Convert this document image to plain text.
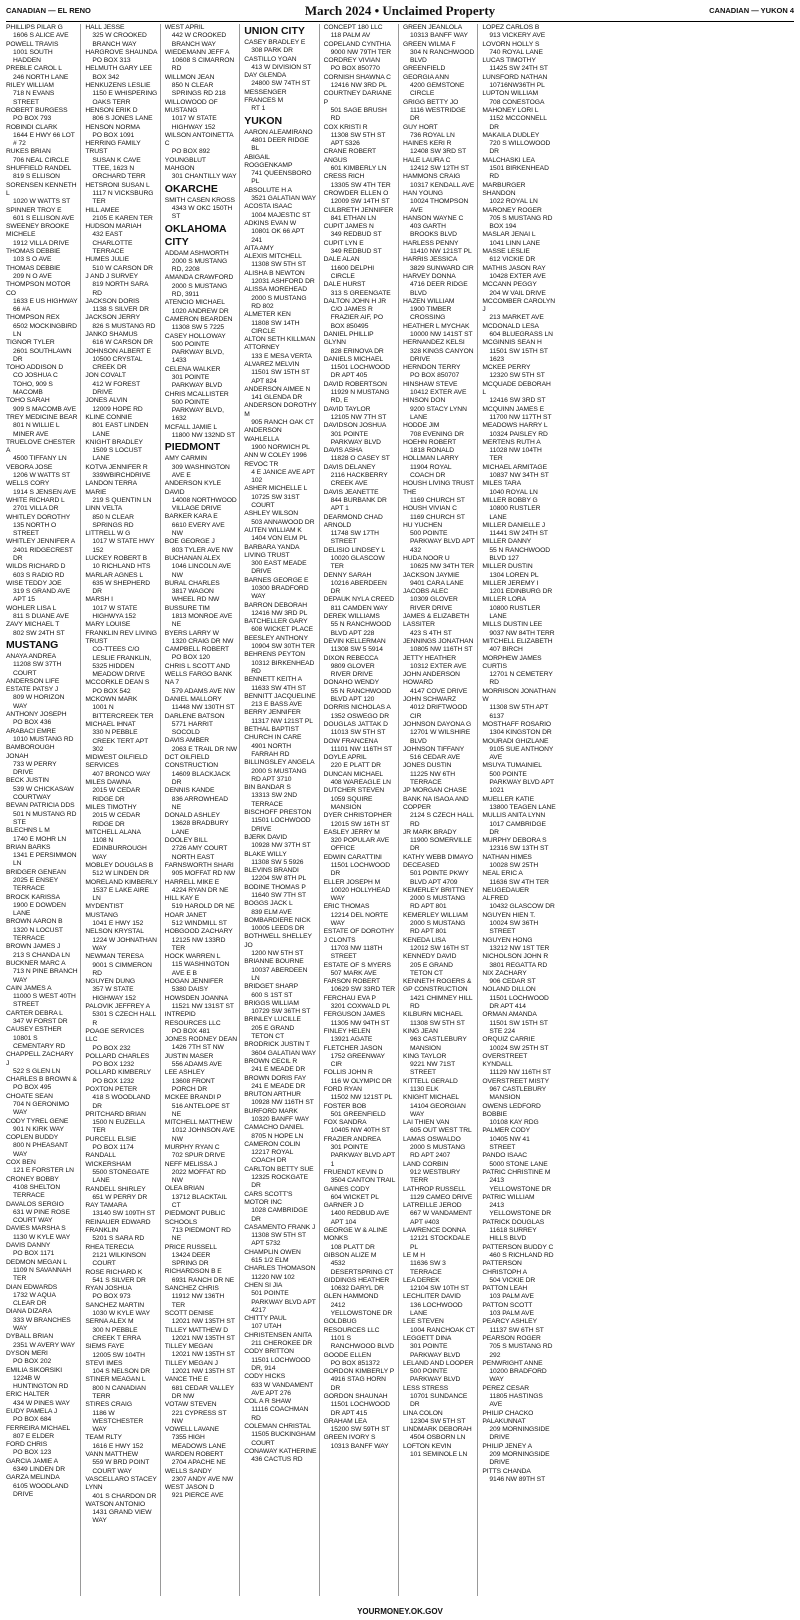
CANADIAN — EL RENO	March 2024 • Unclaimed Property	CANADIAN — YUKON 4
PHILLIPS PILAR G
1606 S ALICE AVE
POWELL TRAVIS
1001 SOUTH HADDEN
PREBLE CAROL L
246 NORTH LANE
RILEY WILLIAM
718 N EVANS STREET
ROBERT BURGESS
PO BOX 793
ROBINDI CLARK
1644 E HWY 66 LOT # 72
RUKES BRIAN
706 NEAL CIRCLE
SHUFFIELD RANDEL
819 S ELLISON
SORENSEN KENNETH L
1020 W WATTS ST
SPINNER TROY E
601 S ELLISON AVE
SWEENEY BROOKE MICHELE
1912 VILLA DRIVE
THOMAS DEBBIE
103 S O AVE
THOMAS DEBBIE
209 N O AVE
THOMPSON MOTOR CO
1633 E US HIGHWAY 66 #A
THOMPSON REX
6502 MOCKINGBIRD LN
TIGNOR TYLER
2601 SOUTHLAWN DR
TOHO ADDISON D
CO JOSHUA C TOHO, 909 S MACOMB
TOHO SARAH
909 S MACOMB AVE
TREY MEDICINE BEAR
801 N WILLIE L MINER AVE
TRUELOVE CHESTER A
4500 TIFFANY LN
VEBORA JOSE
1206 W WATTS ST
WELLS CORY
1914 S JENSEN AVE
WHITE RICHARD L
2701 VILLA DR
WHITLEY DOROTHY
135 NORTH O STREET
WHITLEY JENNIFER A
2401 RIDGECREST DR
WILDS RICHARD D
603 S RADIO RD
WISE TEDDY JOE
319 S GRAND AVE APT 15
WOHLER LISA L
811 S DUANE AVE
ZAVY MICHAEL T
802 SW 24TH ST
MUSTANG
ANAYA ANDREA
11208 SW 37TH COURT
ANDERSON LIFE ESTATE PATSY J
809 W HORIZON WAY
ANTHONY JOSEPH
PO BOX 436
ARABACI EMRE
1010 MUSTANG RD
BAMBOROUGH JONAH
733 W PERRY DRIVE
BECK JUSTIN
539 W CHICKASAW COURTWAY
BEVAN PATRICIA DDS
501 N MUSTANG RD STE
BLECHNS L M
1740 E MOHR LN
BRIAN BARKS
1341 E PERSIMMON LN
BRIDGER GENEAN
2025 E ENSEY TERRACE
BROCK KARISSA
1900 E DOWDEN LANE
BROWN AARON B
1320 N LOCUST TERRACE
BROWN JAMES J
213 S CHANDA LN
BUCKNER MARC A
713 N PINE BRANCH WAY
CAIN JAMES A
11000 S WEST 40TH STREET
CARTER DEBRA L
347 W FORST DR
CAUSEY ESTHER
10801 S CEMENTARY RD
CHAPPELL ZACHARY J
522 S GLEN LN
CHARLES B BROWN &
PO BOX 495
CHOATE SEAN
704 N GERONIMO WAY
CODY TYREL GENE
901 N KIRK WAY
COPLEN BUDDY
800 N PHEASANT WAY
COX BEN
121 E FORSTER LN
CRONEY BOBBY
4108 SHELTON TERRACE
DAVALOS SERGIO
631 W PINE ROSE COURT WAY
DAVIES MARSHA S
1130 W KYLE WAY
DAVIS DANNY
PO BOX 1171
DEDMON MEGAN L
1109 N SAVANNAH TER
DIAN EDWARDS
1732 W AQUA CLEAR DR
DIANA DIZARA
333 W BRANCHES WAY
DYBALL BRIAN
2351 W AVERY WAY
DYSON MERI
PO BOX 202
EMILIA SIKORSIKI
1224B W HUNTINGTON RD
ERIC HALTER
434 W PINES WAY
EUDY PAMELA J
PO BOX 684
FERREIRA MICHAEL
807 E ELDER
FORD CHRIS
PO BOX 123
GARCIA JAMIE A
6349 LINDEN DR
GARZA MELINDA
6105 WOODLAND DRIVE
HALL JESSE
325 W CROOKED BRANCH WAY
HARGROVE SHAUNDA
PO BOX 313
HELMUTH GARY LEE
BOX 342
HENKUZENS LESLIE
1150 E WHISPERING OAKS TERR
HENSON ERIK D
806 S JONES LANE
HENSON NORMA
PO BOX 1091
HERRING FAMILY TRUST
SUSAN K CAVE TTEE, 1623 N ORCHARD TERR
HETSRONI SUSAN L
1117 N VICKSBURG TER
HILL AMEE
2105 E KAREN TER
HUDSON MARIAH
432 EAST CHARLOTTE TERRACE
HUMES JULIE
510 W CARSON DR
J AND J SURVEY
819 NORTH SARA RD
JACKSON DORIS
1138 S SILVER DR
JACKSON JERRY
826 S MUSTANG RD
JANKO SHAMUS
616 W CARSON DR
JOHNSON ALBERT E
10500 CRYSTAL CREEK DR
JON COVALT
412 W FOREST DRIVE
JONES ALVIN
12009 HOPE RD
KLINE CONNIE
801 EAST LINDEN LANE
KNIGHT BRADLEY
1509 S LOCUST LANE
KOTVA JENNIFER R
339WBIRCHDRIVE
LANDON TERRA MARIE
219 S QUENTIN LN
LINN VELTA
850 N CLEAR SPRINGS RD
LITTRELL W G
1017 W STATE HWY 152
LUCKEY ROBERT B
10 RICHLAND HTS
MARLAR AGNES L
635 W SHEPHERD DR
MARSH I
1017 W STATE HIGHWYA 152
MARY LOUISE FRANKLIN REV LIVING TRUST
CO-TTEES C/O LESLIE FRANKLIN, 5325 HIDDEN MEADOW DRIVE
MCCORKLE DEAN S
PO BOX 542
MCKOWN MARK
1001 N BITTERCREEK TER
MICHAEL IHNAT
330 N PEBBLE CREEK TERT APT 302
MIDWEST OILFIELD SERVICES
407 BRONCO WAY
MILES DAWNA
2015 W CEDAR RIDGE DR
MILES TIMOTHY
2015 W CEDAR RIDGE DR
MITCHELL ALANA
1108 N EDINBURROUGH WAY
MOBLEY DOUGLAS B
512 W LINDEN DR
MORELAND KIMBERLY
1537 E LAKE AIRE LN
MYDENTIST MUSTANG
1041 E HWY 152
NELSON KRYSTAL
1224 W JOHNATHAN WAY
NEWMAN TERESA
9001 S CIMMERON RD
NGUYEN DUNG
357 W STATE HIGHWAY 152
PALOVIK JEFFREY A
5301 S CZECH HALL R
POAGE SERVICES LLC
PO BOX 232
POLLARD CHARLES
PO BOX 1232
POLLARD KIMBERLY
PO BOX 1232
POXTON PETER
418 S WOODLAND DR
PRITCHARD BRIAN
1500 N EUZELLA TER
PURCELL ELSIE
PO BOX 1174
RANDALL WICKERSHAM
5500 STONEGATE LANE
RANDELL SHIRLEY
651 W PERRY DR
RAY TAMARA
13140 SW 109TH ST
REINAUER EDWARD FRANKLIN
5201 S SARA RD
RHEA TERECIA
2121 WILKINSON COURT
ROSE RICHARD K
541 S SILVER DR
RYAN JOSHUA
PO BOX 973
SANCHEZ MARTIN
1030 W KYLE WAY
SERNA ALEX M
300 N PEBBLE CREEK T ERRA
SIEMS FAYE
12005 SW 104TH
STEVI IMES
104 S NELSON DR
STINER MEAGAN L
800 N CANADIAN TERR
STIRES CRAIG
1186 W WESTCHESTER WAY
TEAM RLTY
1616 E HWY 152
VANN MATTHEW
559 W BRD POINT COURT WAY
VASCELLARO STACEY LYNN
401 S CHARDON DR
WATSON ANTONIO
1431 GRAND VIEW WAY
WEST APRIL
442 W CROOKED BRANCH WAY
WIEDEMANN JEFF A
10608 S CIMARRON RD
WILLMON JEAN
850 N CLEAR SPRINGS RD 218
WILLOWOOD OF MUSTANG
1017 W STATE HIGHWAY 152
WILSON ANTOINETTA C
PO BOX 892
YOUNGBLUT MAHGON
301 CHANTILLY WAY
OKARCHE
SMITH CASEN KROSS
4343 W OKC 150TH ST
OKLAHOMA CITY
ADDAM ASHWORTH
2000 S MUSTANG RD, 2208
AMANDA CRAWFORD
2000 S MUSTANG RD, 3911
ATENCIO MICHAEL
1020 ANDREW DR
CAMERON BEARDEN
11308 SW 5 7225
CASEY HOLLOWAY
500 POINTE PARKWAY BLVD, 1433
CELENA WALKER
301 POINTE PARKWAY BLVD
CHRIS MCALLISTER
500 POINTE PARKWAY BLVD, 1632
MCFALL JAMIE L
11800 NW 132ND ST
PIEDMONT
AMY CARMIN
309 WASHINGTON AVE E
ANDERSON KYLE DAVID
14008 NORTHWOOD VILLAGE DRIVE
BARKER KARA E
6610 EVERY AVE NW
BOE GEORGE J
803 TYLER AVE NW
BUCHANAN ALEX
1046 LINCOLN AVE NW
BURAL CHARLES
3817 WAGON WHEEL RD NW
BUSSURE TIM
1813 MONROE AVE NE
BYERS LARRY W
1320 CRAIG DR NW
CAMPBELL ROBERT
PO BOX 120
CHRIS L SCOTT AND WELLS FARGO BANK NA 7
579 ADAMS AVE NW
DANIEL MALLORY
11448 NW 130TH ST
DARLENE BATSON
5771 HARRIT SOCOLD
DAVIS AMBER
2063 E TRAIL DR NW
DCT OILFIELD CONSTRUCTION
14609 BLACKJACK DR
DENNIS KANDE
836 ARROWHEAD NE
DONALD ASHLEY
13628 BRADBURY LANE
DOOLEY BILL
2726 AMY COURT NORTH EAST
FARNSWORTH SHARI
905 MOFFAT RD NW
HARRELL MIKE E
4224 RYAN DR NE
HILL KAY E
519 HAROLD DR NE
HOAR JANET
512 WINDMILL ST
HOBGOOD ZACHARY
12125 NW 133RD TER
HOCK WARREN L
115 WASHINGTON AVE E B
HOGAN JENNIFER
5380 DAISY
HOWSDEN JOANNA
11521 NW 131ST ST
INTREPID RESOURCES LLC
PO BOX 481
JONES RODNEY DEAN
1426 7TH ST NW
JUSTIN MASER
556 ADAMS AVE
LEE ASHLEY
13608 FRONT PORCH DR
MCKEE BRANDI P
516 ANTELOPE ST NE
MITCHELL MATTHEW
1012 JOHNSON AVE NW
MURPHY RYAN C
702 SPUR DRIVE
NEFF MELISSA J
2022 MOFFAT RD NW
OLEA BRIAN
13712 BLACKTAIL CT
PIEDMONT PUBLIC SCHOOLS
713 PIEDMONT RD NE
PRICE RUSSELL
13424 DEER SPRING DR
RICHARDSON B E
6931 RANCH DR NE
SANCHEZ CHRIS
11912 NW 136TH TER
SCOTT DENISE
12021 NW 135TH ST
TILLEY MATTHEW D
12021 NW 135TH ST
TILLEY MEGAN
12021 NW 135TH ST
TILLEY MEGAN J
12021 NW 135TH ST
VANCE THE E
681 CEDAR VALLEY DR NW
VOTAW STEVEN
221 CYPRESS ST NW
VOWELL LAVANE
7355 HIGH MEADOWS LANE
WARDEN ROBERT
2704 APACHE NE
WELLS SANDY
2307 ANDY AVE NW
WEST JASON D
921 PIERCE AVE
UNION CITY
CASEY BRADLEY E
308 PARK DR
CASTILLO YOAN
413 W DIVISION ST
DAY GLENDA
24800 SW 74TH ST
MESSENGER FRANCES M
RT 1
YUKON
AARON ALEAMIRANO
4801 DEER RIDGE BL
ABIGAIL ROGGENKAMP
741 QUEENSBORO PL
ABSOLUTE H A
3521 GALATIAN WAY
ACOSTA ISAAC
1004 MAJESTIC ST
ADKINS EVAN W
10801 OK 66 APT 241
AITA AMY
ALEXIS MITCHELL
11308 SW 5TH ST
ALISHA B NEWTON
12031 ASHFORD DR
ALISSA MOREHEAD
2000 S MUSTANG RD 802
ALMETER KEN
11808 SW 14TH CIRCLE
ALTON SETH KILLMAN ATTORNEY
133 E MESA VERTA
ALVAREZ MELVIN
11501 SW 15TH ST APT 824
ANDERSON AIMEE N
141 GLENDA DR
ANDERSON DOROTHY M
905 RANCH OAK CT
ANDERSON WAHLELLA
1900 NORWICH PL
ANN W COLEY 1996 REVOC TR
4 E JANICE AVE APT 102
ASHER MICHELLE L
10725 SW 31ST COURT
ASHLEY WILSON
503 ANNAWOOD DR
AUTEN WILLIAM K
1404 VON ELM PL
BARBARA YANDA LIVING TRUST
300 EAST MEADE DRIVE
BARNES GEORGE E
10300 BRADFORD WAY
BARRON DEBORAH
12416 NW 3RD PL
BATCHELLER GARY
608 WICKET PLACE
BEESLEY ANTHONY
10904 SW 30TH TER
BEHRENS PEYTON
10312 BIRKENHEAD RD
BENNETT KEITH A
11633 SW 4TH ST
BENNITT JACQUELINE
213 E BASS AVE
BERRY JENNIFER
11317 NW 121ST PL
BETHAL BAPTIST CHURCH IN CARE
4901 NORTH FARRAH RD
BILLINGSLEY ANGELA
2000 S MUSTANG RD APT 3710
BIN BANDAR S
13313 SW 2ND TERRACE
BISCHOFF PRESTON
11501 LOCHWOOD DRIVE
BJERK DAVID
10928 NW 37TH ST
BLAKE WILLY
11308 SW 5 5926
BLEVINS BRANDI
12204 SW 8TH PL
BODINE THOMAS P
11640 SW 7TH ST
BOGGS JACK L
839 ELM AVE
BOMBARDIERE NICK
10005 LEEDS DR
BOTHWELL SHELLEY JO
1200 NW 5TH ST
BRIANNE BOURNE
10037 ABERDEEN LN
BRIDGET SHARP
600 S 1ST ST
BRIGGS WILLIAM
10729 SW 36TH ST
BRINLEY LUCILLE
205 E GRAND TETON CT
BRODRICK JUSTIN T
3604 GALATIAN WAY
BROWN CECIL R
241 E MEADE DR
BROWN DORIS FAY
241 E MEADE DR
BRUTON ARTHUR
10928 NW 116TH ST
BURFORD MARK
10320 BANFF WAY
CAMACHO DANIEL
8705 N HOPE LN
CAMERON COLIN
12217 ROYAL COACH DR
CARLTON BETTY SUE
12325 ROCKGATE DR
CARS SCOTT'S MOTOR INC
1028 CAMBRIDGE DR
CASAMENTO FRANK J
11308 SW 5TH ST APT 5732
CHAMPLIN OWEN
615 1/2 ELM
CHARLES THOMASON
11220 NW 102
CHEN SI JIA
501 POINTE PARKWAY BLVD APT 4217
CHITTY PAUL
107 UTAH
CHRISTENSEN ANITA
211 CHEROKEE DR
CODY BRITTON
11501 LOCHWOOD DR, 914
CODY HICKS
633 W VANDAMENT AVE APT 276
COL A R SHAW
11116 COACHMAN RD
COLEMAN CHRISTAL
11505 BUCKINGHAM COURT
CONAWAY KATHERINE
436 CACTUS RD
CONCEPT 180 LLC
118 PALM AV
COPELAND CYNTHIA
9000 NW 79TH TER
CORDREY VIVIAN
PO BOX 850770
CORNISH SHAWNA C
12416 NW 3RD PL
COURTNEY DARIANE P
501 SAGE BRUSH RD
COX KRISTI R
11308 SW 5TH ST APT 5326
CRANE ROBERT ANGUS
601 KIMBERLY LN
CRESS RICH
13305 SW 4TH TER
CROWDER ELLEN O
12009 SW 14TH ST
CULBRETH JENNIFER
841 ETHAN LN
CUPIT JAMES N
349 REDBUD ST
CUPIT LYN E
349 REDBUD ST
DALE ALAN
11600 DELPHI CIRCLE
DALE HURST
313 S GREENGATE
DALTON JOHN H JR
C/O JAMES R FRAZIER AIF, PO BOX 850495
DANIEL PHILLIP GLYNN
828 ERINOVA DR
DANIELS MICHAEL
11501 LOCHWOOD DR APT 405
DAVID ROBERTSON
11929 N MUSTANG RD, E
DAVID TAYLOR
12105 NW 7TH ST
DAVIDSON JOSHUA
301 POINTE PARKWAY BLVD
DAVIS ASHA
11828 O CASEY ST
DAVIS DELANEY
2116 HACKBERRY CREEK AVE
DAVIS JEANETTE
844 BURBANK DR APT 1
DEARMOND CHAD ARNOLD
11748 SW 17TH STREET
DELISIO LINDSEY L
10020 GLASCOW TER
DENNY SARAH
10216 ABERDEEN DR
DEPAUK NYLA CREED
811 CAMDEN WAY
DEREK WILLIAMS
55 N RANCHWOOD BLVD APT 228
DEVIN KELLERMAN
11308 SW 5 5914
DIXON REBECCA
9809 GLOVER RIVER DRIVE
DONAHO WENDY
55 N RANCHWOOD BLVD APT 120
DORRIS NICHOLAS A
1352 OSWEGO DR
DOUGLAS JATTAK D
11013 SW 5TH ST
DOW FRANCENA
11101 NW 116TH ST
DOYLE APRIL
220 E PLATT DR
DUNCAN MICHAEL
408 WAREAGLE LN
DUTCHER STEVEN
1059 SQUIRE MANSION
DYER CHRISTOPHER
12015 SW 16TH ST
EASLEY JERRY M
320 POPULAR AVE OFFICE
EDWIN CARATTINI
11501 LOCHWOOD DR
ELLER JOSEPH M
10020 HOLLYHEAD WAY
ERIC THOMAS
12214 DEL NORTE WAY
ESTATE OF DOROTHY J CLONTS
11703 NW 118TH STREET
ESTATE OF S MYERS
507 MARK AVE
FARSON ROBERT
10629 SW 33RD TER
FERCHAU EVA P
3201 COXWALD PL
FERGUSON JAMES
11305 NW 94TH ST
FINLEY HELEN
13921 AGATE
FLETCHER JASON
1752 GREENWAY CIR
FOLLIS JOHN R
116 W OLYMPIC DR
FORD RYAN
11502 NW 121ST PL
FOSTER BOB
501 GREENFIELD
FOX SANDRA
10405 NW 40TH ST
FRAZIER ANDREA
301 POINTE PARKWAY BLVD APT 1
FRUENDT KEVIN D
3504 CANTON TRAIL
GAINES CODY
604 WICKET PL
GARNER J D
1400 REDBUD AVE APT 104
GEORGE W & ALINE MONKS
108 PLATT DR
GIBSON ALIZE M
4532 DESERTSPRING CT
GIDDINGS HEATHER
10632 DARYL DR
GLEN HAMMOND
2412 YELLOWSTONE DR
GOLDBUG RESOURCES LLC
1101 S RANCHWOOD BLVD
GOODE ELLEN
PO BOX 851372
GORDON KIMBERLY P
4916 STAG HORN DR
GORDON SHAUNAH
11501 LOCHWOOD DR APT 415
GRAHAM LEA
15200 SW 59TH ST
GREEN IVORY S
10313 BANFF WAY
GREEN JEANLOLA
10313 BANFF WAY
GREEN WILMA F
304 N RANCHWOOD BLVD
GREENFIELD GEORGIA ANN
4200 GEMSTONE CIRCLE
GRIGG BETTY JO
1116 WESTRIDGE DR
GUY HORT
736 ROYAL LN
HAINES KERI R
12408 SW 3RD ST
HALE LAURA C
12412 SW 12TH ST
HAMMONS CRAIG
10317 KENDALL AVE
HAN YOUNG
10024 THOMPSON AVE
HANSON WAYNE C
403 GARTH BROOKS BLVD
HARLESS PENNY
11410 NW 121ST PL
HARRIS JESSICA
3829 SUNWARD CIR
HARVEY DONNA
4716 DEER RIDGE BLVD
HAZEN WILLIAM
1900 TIMBER CROSSING
HEATHER L MYCHAK
10000 NW 141ST ST
HERNANDEZ KELSI
328 KINGS CANYON DRIVE
HERNDON TERRY
PO BOX 850707
HINSHAW STEVE
10412 EXTER AVE
HINSON DON
9200 STACY LYNN LANE
HODDE JIM
708 EVENING DR
HOEHN ROBERT
1818 RONALD
HOLLMAN LARRY
11904 ROYAL COACH DR
HOUSH LIVING TRUST THE
1169 CHURCH ST
HOUSH VIVIAN C
1169 CHURCH ST
HU YUCHEN
500 POINTE PARKWAY BLVD APT 432
HUDA NOOR U
10625 NW 34TH TER
JACKSON JAYMIE
9401 CARA LANE
JACOBS ALEC
10309 GLOVER RIVER DRIVE
JAMES & ELIZABETH LASSITER
423 S 4TH ST
JENNINGS JONATHAN
10805 NW 116TH ST
JETTY HEATHER
10312 EXTER AVE
JOHN ANDERSON HOWARD
4147 COVE DRIVE
JOHN SCHWARZ
4012 DRIFTWOOD CIR
JOHNSON DAYONA G
12701 W WILSHIRE BLVD
JOHNSON TIFFANY
516 CEDAR AVE
JONES DUSTIN
11225 NW 6TH TERRACE
JP MORGAN CHASE BANK NA ISAOA AND COPPER
2124 S CZECH HALL RD
JR MARK BRADY
11900 SOMERVILLE DR
KATHY WEBB DIMAYO DECEASED
501 POINTE PKWY BLVD APT 4709
KEMERLEY BRITTNEY
2000 S MUSTANG RD APT 801
KEMERLEY WILLIAM
2000 S MUSTANG RD APT 801
KENEDA LISA
12012 SW 16TH ST
KENNEDY DAVID
205 E GRAND TETON CT
KENNETH ROGERS & GP CONSTRUCTION
1421 CHIMNEY HILL RD
KILBURN MICHAEL
11308 SW 5TH ST
KING JEAN
963 CASTLEBURY MANSION
KING TAYLOR
9221 NW 71ST STREET
KITTELL GERALD
1130 ELK
KNIGHT MICHAEL
14104 GEORGIAN WAY
LAI THIEN VAN
605 OUT WEST TRL
LAMAS OSWALDO
2000 S MUSTANG RD APT 2407
LAND CORBIN
912 WESTBURY TERR
LATHROP RUSSELL
1129 CAMEO DRIVE
LATREILLE JEROD
667 W VANDAMENT APT #403
LAWRENCE DONNA
12121 STOCKDALE PL
LE M H
11636 SW 3 TERRACE
LEA DEREK
12104 SW 10TH ST
LECHLITER DAVID
136 LOCHWOOD LANE
LEE STEVEN
1004 RANCHOAK CT
LEGGETT DINA
301 POINTE PARKWAY BLVD
LELAND AND LOOPER
500 POINTE PARKWAY BLVD
LESS STRESS
10701 SUNDANCE DR
LINA COLON
12304 SW 5TH ST
LINDMARK DEBORAH
4504 OSBORN LN
LOFTON KEVIN
101 SEMINOLE LN
LOPEZ CARLOS B
913 VICKERY AVE
LOVORN HOLLY S
740 ROYAL LANE
LUCAS TIMOTHY
11425 SW 24TH ST
LUNSFORD NATHAN
10716NW36TH PL
LUPTON WILLIAM
708 CONESTOGA
MAHONEY LORI L
1152 MCCONNELL DR
MAKAILA DUDLEY
720 S WILLOWOOD DR
MALCHASKI LEA
1501 BIRKENHEAD RD
MARBURGER SHANDON
1022 ROYAL LN
MARONEY ROGER
705 S MUSTANG RD BOX 194
MASLAR JENAI L
1041 LINN LANE
MASSE LESLIE
612 VICKIE DR
MATHIS JASON RAY
10428 EXTER AVE
MCCANN PEGGY
204 W VAIL DRIVE
MCCOMBER CAROLYN J
213 MARKET AVE
MCDONALD LESA
604 BLUEGRASS LN
MCGINNIS SEAN H
11501 SW 15TH ST 1623
MCKEE PERRY
12320 SW 5TH ST
MCQUADE DEBORAH L
12416 SW 3RD ST
MCQUINN JAMES E
11700 NW 117TH ST
MEADOWS HARRY L
10324 PAISLEY RD
MERTENS RUTH A
11028 NW 104TH TER
MICHAEL ARMITAGE
10837 NW 34TH ST
MILES TARA
1040 ROYAL LN
MILLER BOBBY G
10800 RUSTLER LANE
MILLER DANIELLE J
11441 SW 24TH ST
MILLER DANNY
55 N RANCHWOOD BLVD 127
MILLER DUSTIN
1304 LOREN PL
MILLER JEREMY I
1201 EDINBURG DR
MILLER LORA
10800 RUSTLER LANE
MILLS DUSTIN LEE
9037 NW 84TH TERR
MITCHELL ELIZABETH
407 BIRCH
MORPHEW JAMES CURTIS
12701 N CEMETERY RD
MORRISON JONATHAN W
11308 SW 5TH APT 6137
MOSTHAFF ROSARIO
1304 KINGSTON DR
MOURADI GHIZLANE
9105 SUE ANTHONY AVE
MSUYA TUMAINIEL
500 POINTE PARKWAY BLVD APT 1021
MUELLER KATIE
13800 TEAGEN LANE
MULLIS ANITA LYNN
1017 CAMBRIDGE DR
MURPHY DEBORA S
12316 SW 13TH ST
NATHAN HIMES
10028 SW 25TH
NEAL ERIC A
11636 SW 4TH TER
NEUGEDAUER ALFRED
10432 GLASCOW DR
NGUYEN HIEN T.
10024 SW 36TH STREET
NGUYEN HONG
13212 NW 1ST TER
NICHOLSON JOHN R
3801 REGATTA RD
NIX ZACHARY
906 CEDAR ST
NOLAND DILLON
11501 LOCHWOOD DR APT 414
ORMAN AMANDA
11501 SW 15TH ST STE 224
ORQUIZ CARRIE
10024 SW 25TH ST
OVERSTREET KYNDALL
11129 NW 116TH ST
OVERSTREET MISTY
967 CASTLEBURY MANSION
OWENS LEDFORD BOBBIE
10108 KAY RDG
PALMER CODY
10405 NW 41 STREET
PANDO ISAAC
5000 STONE LANE
PATRIC CHRISTINE M
2413 YELLOWSTONE DR
PATRIC WILLIAM
2413 YELLOWSTONE DR
PATRICK DOUGLAS
11618 SURREY HILLS BLVD
PATTERSON BUDDY C
460 S RICHLAND RD
PATTERSON CHRISTOPH A
504 VICKIE DR
PATTON LEAH
103 PALM AVE
PATTON SCOTT
103 PALM AVE
PEARCY ASHLEY
11137 SW 6TH ST
PEARSON ROGER
705 S MUSTANG RD 292
PENWRIGHT ANNE
10200 BRADFORD WAY
PEREZ CESAR
11805 HASTINGS AVE
PHILIP CHACKO PALAKUNNAT
209 MORNINGSIDE DRIVE
PHILIP JENEY A
209 MORNINGSIDE DRIVE
PITTS CHANDA
9146 NW 89TH ST
YOURMONEY.OK.GOV
